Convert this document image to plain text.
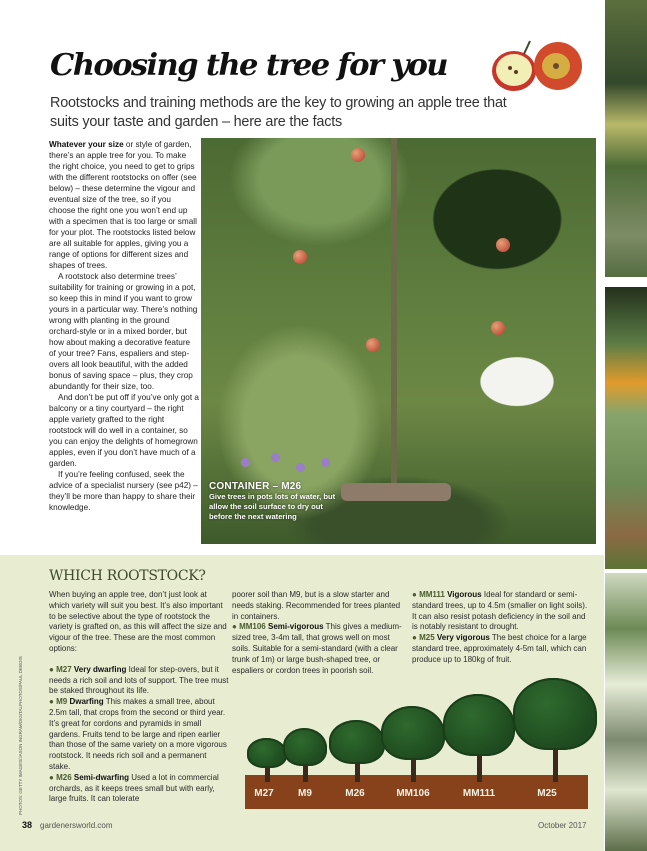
Choosing the tree for you
Rootstocks and training methods are the key to growing an apple tree that suits your taste and garden – here are the facts

Whatever your size or style of garden, there’s an apple tree for you. To make the right choice, you need to get to grips with the different rootstocks on offer (see below) – these determine the vigour and eventual size of the tree, so if you choose the right one you won’t end up with a specimen that is too large or small for your plot. The rootstocks listed below are all suitable for apples, giving you a range of options for different sizes and shapes of trees.

A rootstock also determine trees’ suitability for training or growing in a pot, so keep this in mind if you want to grow yours in a particular way. There’s nothing wrong with planting in the ground orchard-style or in a mixed border, but how about making a decorative feature of your tree? Fans, espaliers and step-overs all look beautiful, with the added bonus of saving space – plus, they crop abundantly for their size, too.

And don’t be put off if you’ve only got a balcony or a tiny courtyard – the right apple variety grafted to the right rootstock will do well in a container, so you can enjoy the delights of homegrown apples, even if you don’t have much of a garden.

If you’re feeling confused, seek the advice of a specialist nursery (see p42) – they’ll be more than happy to share their knowledge.

CONTAINER – M26
Give trees in pots lots of water, but allow the soil surface to dry out before the next watering
WHICH ROOTSTOCK?
PHOTOS: GETTY IMAGES/JASON INGRAM/DIGITALPHOTOS/PAUL DEBOIS

When buying an apple tree, don’t just look at which variety will suit you best. It’s also important to be selective about the type of rootstock the variety is grafted on, as this will affect the size and vigour of the tree. These are the most common options:

● M27 Very dwarfing Ideal for step-overs, but it needs a rich soil and lots of support. The tree must be staked throughout its life.

● M9 Dwarfing This makes a small tree, about 2.5m tall, that crops from the second or third year. It’s great for cordons and pyramids in small gardens. Fruits tend to be large and ripen earlier than those of the same variety on a more vigorous rootstock. It needs rich soil and a permanent stake.

● M26 Semi-dwarfing Used a lot in commercial orchards, as it keeps trees small but with early, large fruits. It can tolerate

poorer soil than M9, but is a slow starter and needs staking. Recommended for trees planted in containers.

● MM106 Semi-vigorous This gives a medium-sized tree, 3-4m tall, that grows well on most soils. Suitable for a semi-standard (with a clear trunk of 1m) or large bush-shaped tree, or espaliers or cordon trees in poorish soil.

● MM111 Vigorous Ideal for standard or semi-standard trees, up to 4.5m (smaller on light soils). It can also resist potash deficiency in the soil and is notably resistant to drought.

● M25 Very vigorous The best choice for a large standard tree, approximately 4-5m tall, which can produce up to 180kg of fruit.

M27 M9	M26	MM106	MM111	M25
38 gardenersworld.com	October 2017
